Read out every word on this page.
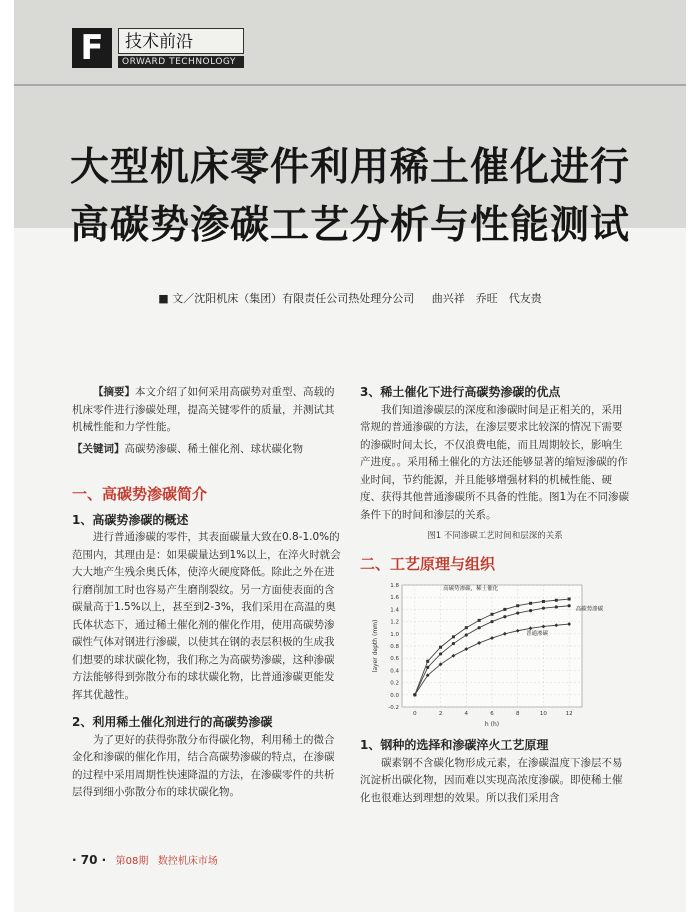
F	技术前沿
ORWARD TECHNOLOGY
大型机床零件利用稀土催化进行
高碳势渗碳工艺分析与性能测试
■ 文／沈阳机床（集团）有限责任公司热处理分公司 曲兴祥　乔旺　代友贵

【摘要】本文介绍了如何采用高碳势对重型、高载的机床零件进行渗碳处理，提高关键零件的质量，并测试其机械性能和力学性能。

【关键词】高碳势渗碳、稀土催化剂、球状碳化物

一、高碳势渗碳简介
1、高碳势渗碳的概述

进行普通渗碳的零件，其表面碳量大致在0.8-1.0%的范围内，其理由是：如果碳量达到1%以上，在淬火时就会大大地产生残余奥氏体，使淬火硬度降低。除此之外在进行磨削加工时也容易产生磨削裂纹。另一方面使表面的含碳量高于1.5%以上，甚至到2-3%，我们采用在高温的奥氏体状态下，通过稀土催化剂的催化作用，使用高碳势渗碳性气体对钢进行渗碳，以使其在钢的表层积极的生成我们想要的球状碳化物，我们称之为高碳势渗碳，这种渗碳方法能够得到弥散分布的球状碳化物，比普通渗碳更能发挥其优越性。

2、利用稀土催化剂进行的高碳势渗碳

为了更好的获得弥散分布得碳化物，利用稀土的微合金化和渗碳的催化作用，结合高碳势渗碳的特点，在渗碳的过程中采用周期性快速降温的方法，在渗碳零件的共析层得到细小弥散分布的球状碳化物。

3、稀土催化下进行高碳势渗碳的优点

我们知道渗碳层的深度和渗碳时间是正相关的，采用常规的普通渗碳的方法，在渗层要求比较深的情况下需要的渗碳时间太长，不仅浪费电能，而且周期较长，影响生产进度。。采用稀土催化的方法还能够显著的缩短渗碳的作业时间，节约能源，并且能够增强材料的机械性能、硬度、获得其他普通渗碳所不具备的性能。图1为在不同渗碳条件下的时间和渗层的关系。

图1 不同渗碳工艺时间和层深的关系
二、工艺原理与组织
-0.2
0.0
0.2
0.4
0.6
0.8
1.0
1.2
1.4
1.6
1.8
0	2	4	6	8	10	12
h (h)
layer depth (mm)
高碳势渗碳，稀土催化
高碳势渗碳
普通渗碳
1、钢种的选择和渗碳淬火工艺原理

碳素钢不含碳化物形成元素，在渗碳温度下渗层不易沉淀析出碳化物，因而难以实现高浓度渗碳。即使稀土催化也很难达到理想的效果。所以我们采用含

· 70 · 第08期 数控机床市场
